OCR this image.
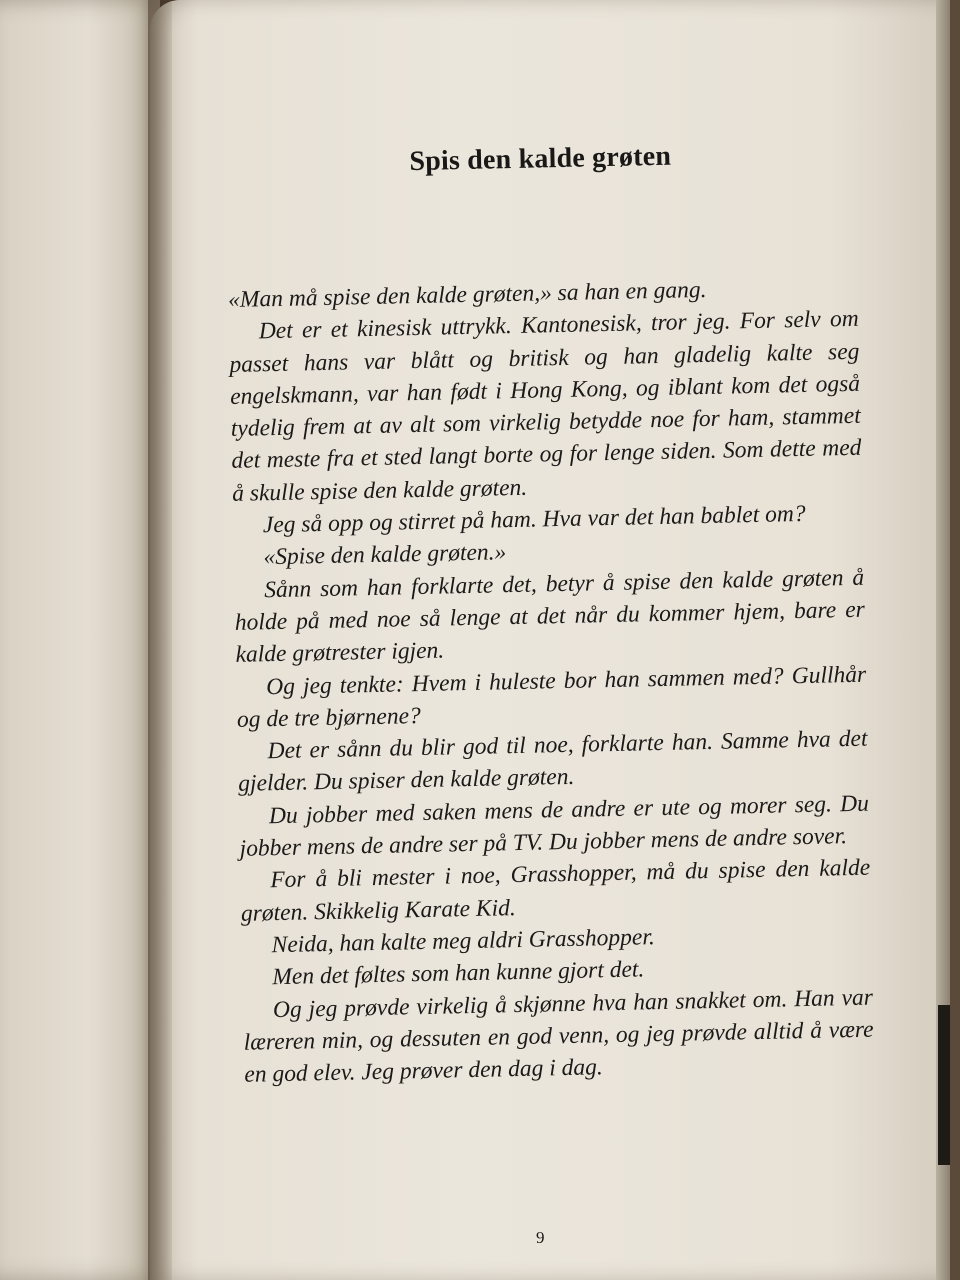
Spis den kalde grøten

«Man må spise den kalde grøten,» sa han en gang.

Det er et kinesisk uttrykk. Kantonesisk, tror jeg. For selv om passet hans var blått og britisk og han gladelig kalte seg engelskmann, var han født i Hong Kong, og iblant kom det også tydelig frem at av alt som virkelig betydde noe for ham, stammet det meste fra et sted langt borte og for lenge siden. Som dette med å skulle spise den kalde grøten.

Jeg så opp og stirret på ham. Hva var det han bablet om?

«Spise den kalde grøten.»

Sånn som han forklarte det, betyr å spise den kalde grøten å holde på med noe så lenge at det når du kommer hjem, bare er kalde grøtrester igjen.

Og jeg tenkte: Hvem i huleste bor han sammen med? Gullhår og de tre bjørnene?

Det er sånn du blir god til noe, forklarte han. Samme hva det gjelder. Du spiser den kalde grøten.

Du jobber med saken mens de andre er ute og morer seg. Du jobber mens de andre ser på TV. Du jobber mens de andre sover.

For å bli mester i noe, Grasshopper, må du spise den kalde grøten. Skikkelig Karate Kid.

Neida, han kalte meg aldri Grasshopper.

Men det føltes som han kunne gjort det.

Og jeg prøvde virkelig å skjønne hva han snakket om. Han var læreren min, og dessuten en god venn, og jeg prøvde alltid å være en god elev. Jeg prøver den dag i dag.

9
